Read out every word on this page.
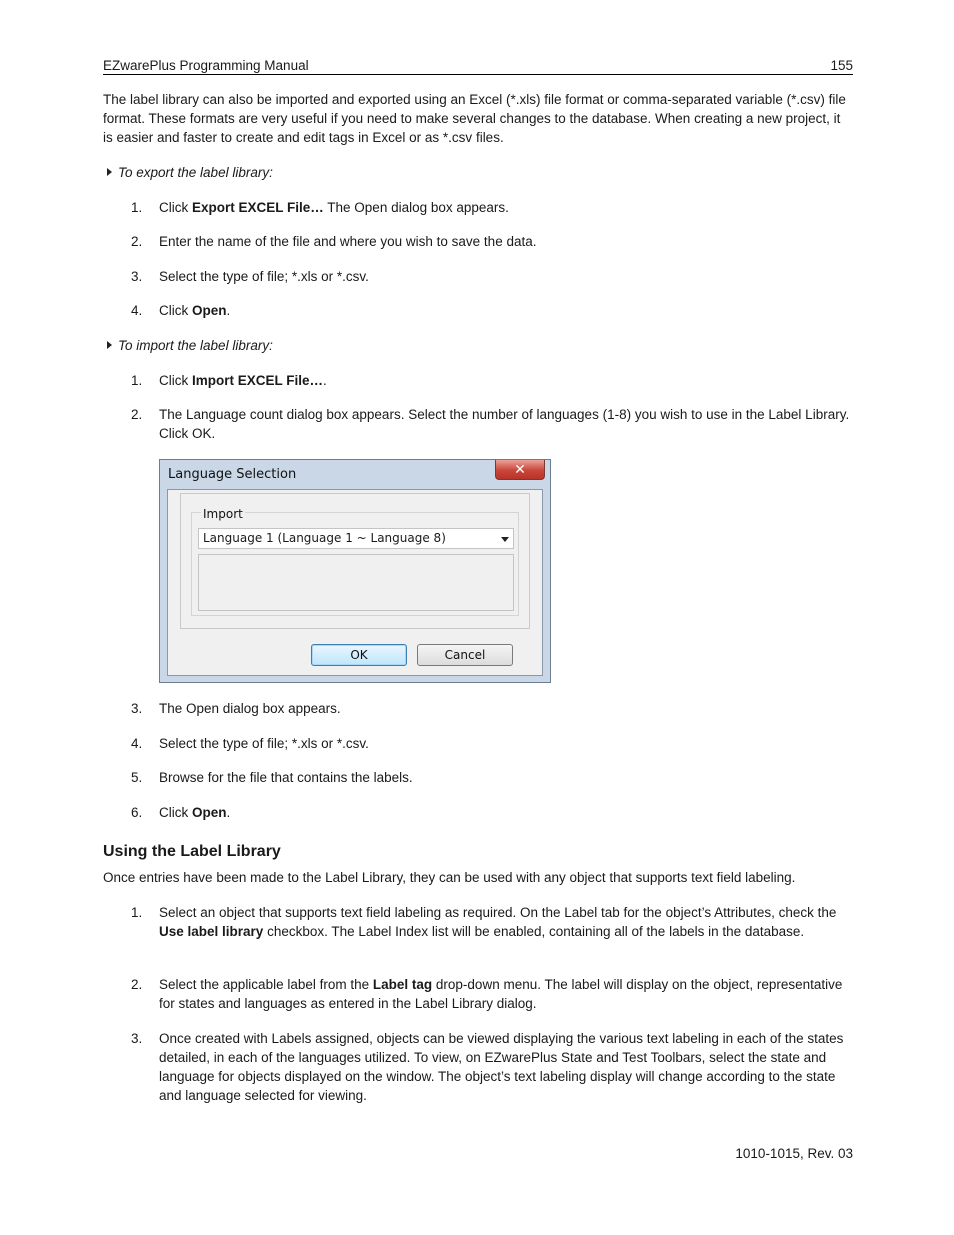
EZwarePlus Programming Manual	155

The label library can also be imported and exported using an Excel (*.xls) file format or comma-separated variable (*.csv) file format. These formats are very useful if you need to make several changes to the database. When creating a new project, it is easier and faster to create and edit tags in Excel or as *.csv files.

To export the label library:
1. Click Export EXCEL File… The Open dialog box appears.
2. Enter the name of the file and where you wish to save the data.
3. Select the type of file; *.xls or *.csv.
4. Click Open.
To import the label library:
1. Click Import EXCEL File….
2. The Language count dialog box appears. Select the number of languages (1-8) you wish to use in the Label Library. Click OK.
Language Selection	✕
Import
Language 1 (Language 1 ~ Language 8)
OK	Cancel
3. The Open dialog box appears.
4. Select the type of file; *.xls or *.csv.
5. Browse for the file that contains the labels.
6. Click Open.
Using the Label Library

Once entries have been made to the Label Library, they can be used with any object that supports text field labeling.

1. Select an object that supports text field labeling as required. On the Label tab for the object’s Attributes, check the Use label library checkbox. The Label Index list will be enabled, containing all of the labels in the database.
2. Select the applicable label from the Label tag drop-down menu. The label will display on the object, representative for states and languages as entered in the Label Library dialog.
3. Once created with Labels assigned, objects can be viewed displaying the various text labeling in each of the states detailed, in each of the languages utilized. To view, on EZwarePlus State and Test Toolbars, select the state and language for objects displayed on the window. The object’s text labeling display will change according to the state and language selected for viewing.
1010-1015, Rev. 03
